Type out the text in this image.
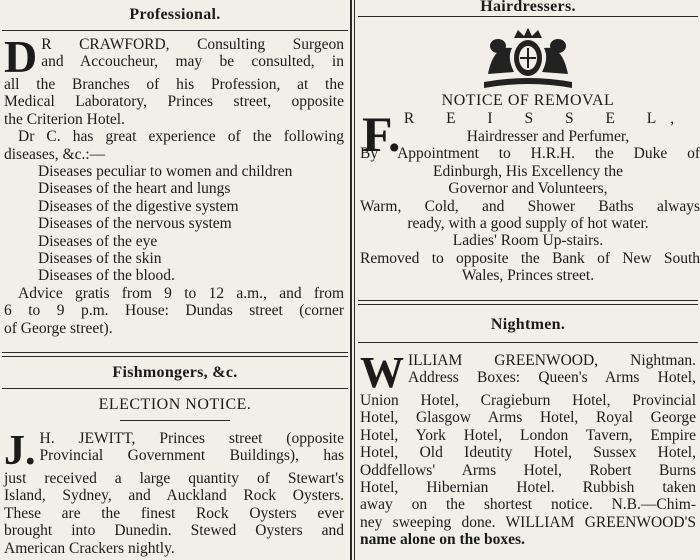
Professional.
D R CRAWFORD, Consulting Surgeon
and Accoucheur, may be consulted, in
all the Branches of his Profession, at the
Medical Laboratory, Princes street, opposite
the Criterion Hotel.
Dr C. has great experience of the following
diseases, &c.:—
Diseases peculiar to women and children
Diseases of the heart and lungs
Diseases of the digestive system
Diseases of the nervous system
Diseases of the eye
Diseases of the skin
Diseases of the blood.
Advice gratis from 9 to 12 a.m., and from
6 to 9 p.m. House: Dundas street (corner
of George street).
Fishmongers, &c.
ELECTION NOTICE.
J. H. JEWITT, Princes street (opposite
Provincial Government Buildings), has
just received a large quantity of Stewart's
Island, Sydney, and Auckland Rock Oysters.
These are the finest Rock Oysters ever
brought into Dunedin. Stewed Oysters and
American Crackers nightly.
Hairdressers.
NOTICE OF REMOVAL
F. R E I S S E L,
Hairdresser and Perfumer,
By Appointment to H.R.H. the Duke of
Edinburgh, His Excellency the
Governor and Volunteers,
Warm, Cold, and Shower Baths always
ready, with a good supply of hot water.
Ladies' Room Up-stairs.
Removed to opposite the Bank of New South
Wales, Princes street.
Nightmen.
W ILLIAM GREENWOOD, Nightman.
Address Boxes: Queen's Arms Hotel,
Union Hotel, Cragieburn Hotel, Provincial
Hotel, Glasgow Arms Hotel, Royal George
Hotel, York Hotel, London Tavern, Empire
Hotel, Old Ideutity Hotel, Sussex Hotel,
Oddfellows' Arms Hotel, Robert Burns
Hotel, Hibernian Hotel. Rubbish taken
away on the shortest notice. N.B.—Chim-
ney sweeping done. WILLIAM GREENWOOD'S
name alone on the boxes.
